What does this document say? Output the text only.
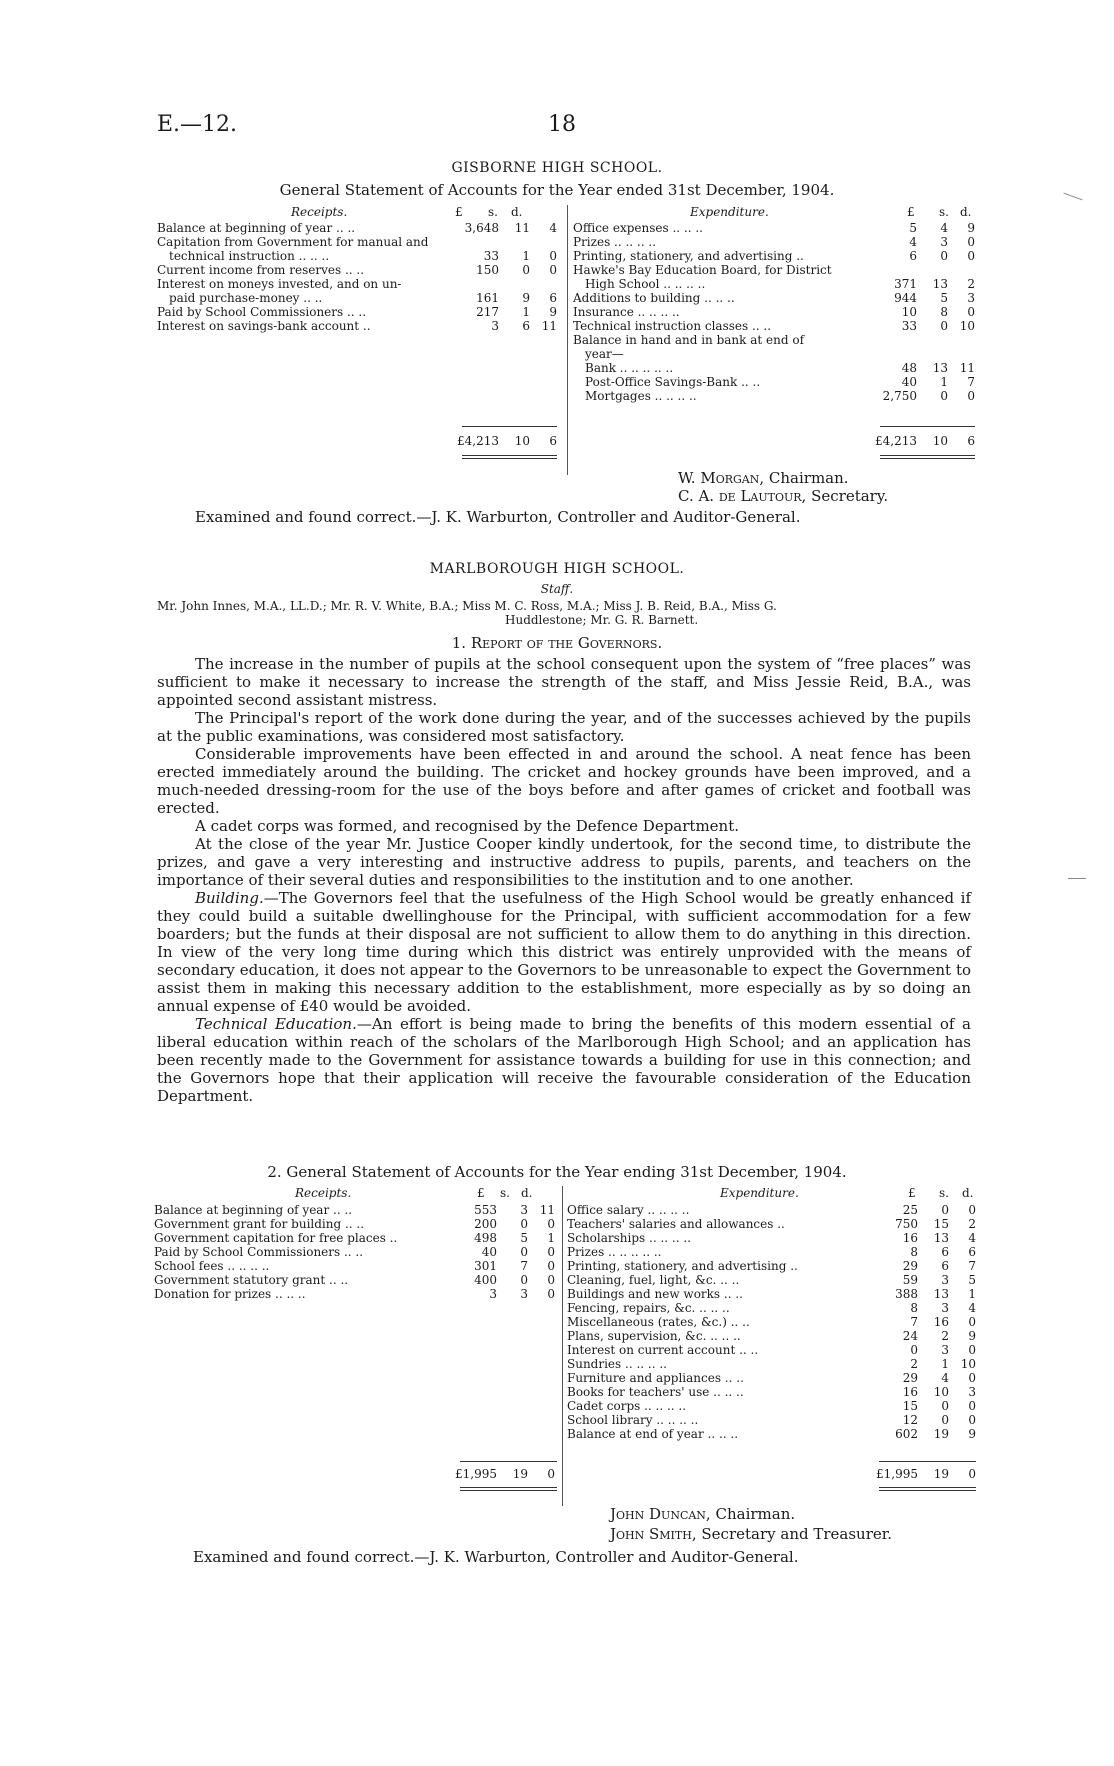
E.—12.	18
GISBORNE HIGH SCHOOL.
General Statement of Accounts for the Year ended 31st December, 1904.
Receipts.	£ s. d.	Expenditure.	£ s. d.
Balance at beginning of year .. ..	3,648 11 4
Capitation from Government for manual and
technical instruction .. .. ..	33 1 0
Current income from reserves .. ..	150 0 0
Interest on moneys invested, and on un-
paid purchase-money .. ..	161 9 6
Paid by School Commissioners .. ..	217 1 9
Interest on savings-bank account ..	3 6 11
Office expenses .. .. ..	5 4 9
Prizes .. .. .. ..	4 3 0
Printing, stationery, and advertising ..	6 0 0
Hawke's Bay Education Board, for District
High School .. .. .. ..	371 13 2
Additions to building .. .. ..	944 5 3
Insurance .. .. .. ..	10 8 0
Technical instruction classes .. ..	33 0 10
Balance in hand and in bank at end of
year—
Bank .. .. .. .. ..	48 13 11
Post-Office Savings-Bank .. ..	40 1 7
Mortgages .. .. .. ..	2,750 0 0
£4,213 10 6	£4,213 10 6
W. Morgan, Chairman.
C. A. de Lautour, Secretary.
Examined and found correct.—J. K. Warburton, Controller and Auditor-General.
MARLBOROUGH HIGH SCHOOL.
Staff.
Mr. John Innes, M.A., LL.D.; Mr. R. V. White, B.A.; Miss M. C. Ross, M.A.; Miss J. B. Reid, B.A., Miss G.
Huddlestone; Mr. G. R. Barnett.
1. Report of the Governors.

The increase in the number of pupils at the school consequent upon the system of “free places” was sufficient to make it necessary to increase the strength of the staff, and Miss Jessie Reid, B.A., was appointed second assistant mistress.

The Principal's report of the work done during the year, and of the successes achieved by the pupils at the public examinations, was considered most satisfactory.

Considerable improvements have been effected in and around the school. A neat fence has been erected immediately around the building. The cricket and hockey grounds have been improved, and a much-needed dressing-room for the use of the boys before and after games of cricket and football was erected.

A cadet corps was formed, and recognised by the Defence Department.

At the close of the year Mr. Justice Cooper kindly undertook, for the second time, to distribute the prizes, and gave a very interesting and instructive address to pupils, parents, and teachers on the importance of their several duties and responsibilities to the institution and to one another.

Building.—The Governors feel that the usefulness of the High School would be greatly enhanced if they could build a suitable dwellinghouse for the Principal, with sufficient accommodation for a few boarders; but the funds at their disposal are not sufficient to allow them to do anything in this direction. In view of the very long time during which this district was entirely unprovided with the means of secondary education, it does not appear to the Governors to be unreasonable to expect the Government to assist them in making this necessary addition to the establishment, more especially as by so doing an annual expense of £40 would be avoided.

Technical Education.—An effort is being made to bring the benefits of this modern essential of a liberal education within reach of the scholars of the Marlborough High School; and an application has been recently made to the Government for assistance towards a building for use in this connection; and the Governors hope that their application will receive the favourable consideration of the Education Department.

2. General Statement of Accounts for the Year ending 31st December, 1904.
Receipts.	£ s. d.	Expenditure.	£ s. d.
Balance at beginning of year .. ..	553 3 11
Government grant for building .. ..	200 0 0
Government capitation for free places ..	498 5 1
Paid by School Commissioners .. ..	40 0 0
School fees .. .. .. ..	301 7 0
Government statutory grant .. ..	400 0 0
Donation for prizes .. .. ..	3 3 0
Office salary .. .. .. ..	25 0 0
Teachers' salaries and allowances ..	750 15 2
Scholarships .. .. .. ..	16 13 4
Prizes .. .. .. .. ..	8 6 6
Printing, stationery, and advertising ..	29 6 7
Cleaning, fuel, light, &c. .. ..	59 3 5
Buildings and new works .. ..	388 13 1
Fencing, repairs, &c. .. .. ..	8 3 4
Miscellaneous (rates, &c.) .. ..	7 16 0
Plans, supervision, &c. .. .. ..	24 2 9
Interest on current account .. ..	0 3 0
Sundries .. .. .. ..	2 1 10
Furniture and appliances .. ..	29 4 0
Books for teachers' use .. .. ..	16 10 3
Cadet corps .. .. .. ..	15 0 0
School library .. .. .. ..	12 0 0
Balance at end of year .. .. ..	602 19 9
£1,995 19 0	£1,995 19 0
John Duncan, Chairman.
John Smith, Secretary and Treasurer.
Examined and found correct.—J. K. Warburton, Controller and Auditor-General.
